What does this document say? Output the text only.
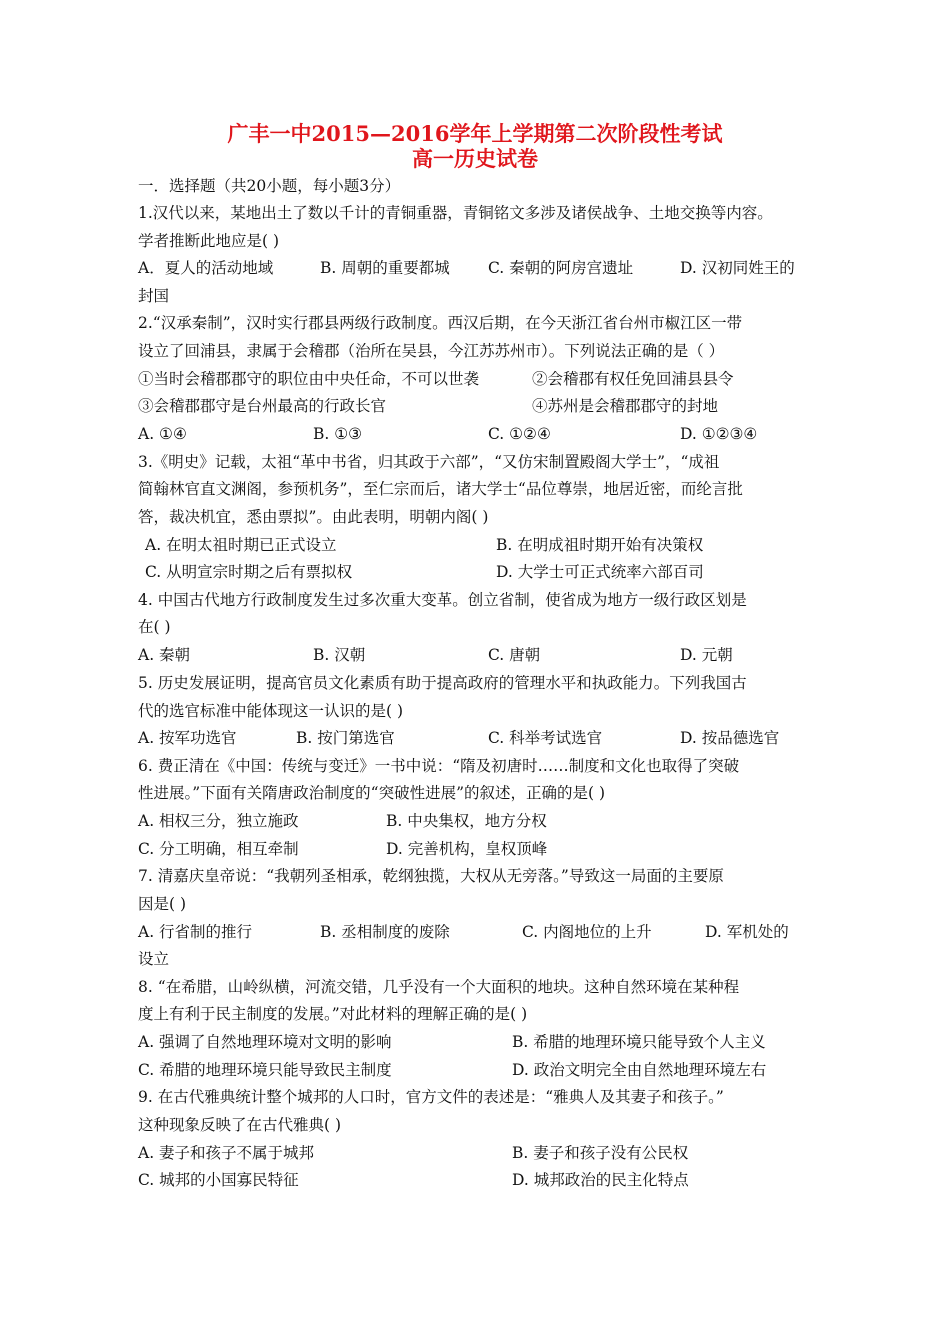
广丰一中2015—2016学年上学期第二次阶段性考试
高一历史试卷
一．选择题（共20小题，每小题3分）
1.汉代以来，某地出土了数以千计的青铜重器，青铜铭文多涉及诸侯战争、土地交换等内容。
学者推断此地应是( )
A．夏人的活动地域	B. 周朝的重要都城 C. 秦朝的阿房宫遗址	D. 汉初同姓王的
封国
2.“汉承秦制”，汉时实行郡县两级行政制度。西汉后期，在今天浙江省台州市椒江区一带
设立了回浦县，隶属于会稽郡（治所在吴县，今江苏苏州市）。下列说法正确的是（ ）
①当时会稽郡郡守的职位由中央任命，不可以世袭	②会稽郡有权任免回浦县县令
③会稽郡郡守是台州最高的行政长官	④苏州是会稽郡郡守的封地
A. ①④	B. ①③	C. ①②④	D. ①②③④
3.《明史》记载，太祖“革中书省，归其政于六部”，“又仿宋制置殿阁大学士”，“成祖
简翰林官直文渊阁，参预机务”，至仁宗而后，诸大学士“品位尊崇，地居近密，而纶言批
答，裁决机宜，悉由票拟”。由此表明，明朝内阁( )
A. 在明太祖时期已正式设立	B. 在明成祖时期开始有决策权
C. 从明宣宗时期之后有票拟权	D. 大学士可正式统率六部百司
4. 中国古代地方行政制度发生过多次重大变革。创立省制，使省成为地方一级行政区划是
在( )
A. 秦朝	B. 汉朝	C. 唐朝	D. 元朝
5. 历史发展证明，提高官员文化素质有助于提高政府的管理水平和执政能力。下列我国古
代的选官标准中能体现这一认识的是( )
A. 按军功选官	B. 按门第选官	C. 科举考试选官	D. 按品德选官
6. 费正清在《中国：传统与变迁》一书中说：“隋及初唐时……制度和文化也取得了突破
性进展。”下面有关隋唐政治制度的“突破性进展”的叙述，正确的是( )
A. 相权三分，独立施政	B. 中央集权，地方分权
C. 分工明确，相互牵制	D. 完善机构，皇权顶峰
7. 清嘉庆皇帝说：“我朝列圣相承，乾纲独揽，大权从无旁落。”导致这一局面的主要原
因是( )
A. 行省制的推行	B. 丞相制度的废除	C. 内阁地位的上升	D. 军机处的
设立
8. “在希腊，山岭纵横，河流交错，几乎没有一个大面积的地块。这种自然环境在某种程
度上有利于民主制度的发展。”对此材料的理解正确的是( )
A. 强调了自然地理环境对文明的影响	B. 希腊的地理环境只能导致个人主义
C. 希腊的地理环境只能导致民主制度	D. 政治文明完全由自然地理环境左右
9. 在古代雅典统计整个城邦的人口时，官方文件的表述是：“雅典人及其妻子和孩子。”
这种现象反映了在古代雅典( )
A. 妻子和孩子不属于城邦	B. 妻子和孩子没有公民权
C. 城邦的小国寡民特征	D. 城邦政治的民主化特点
